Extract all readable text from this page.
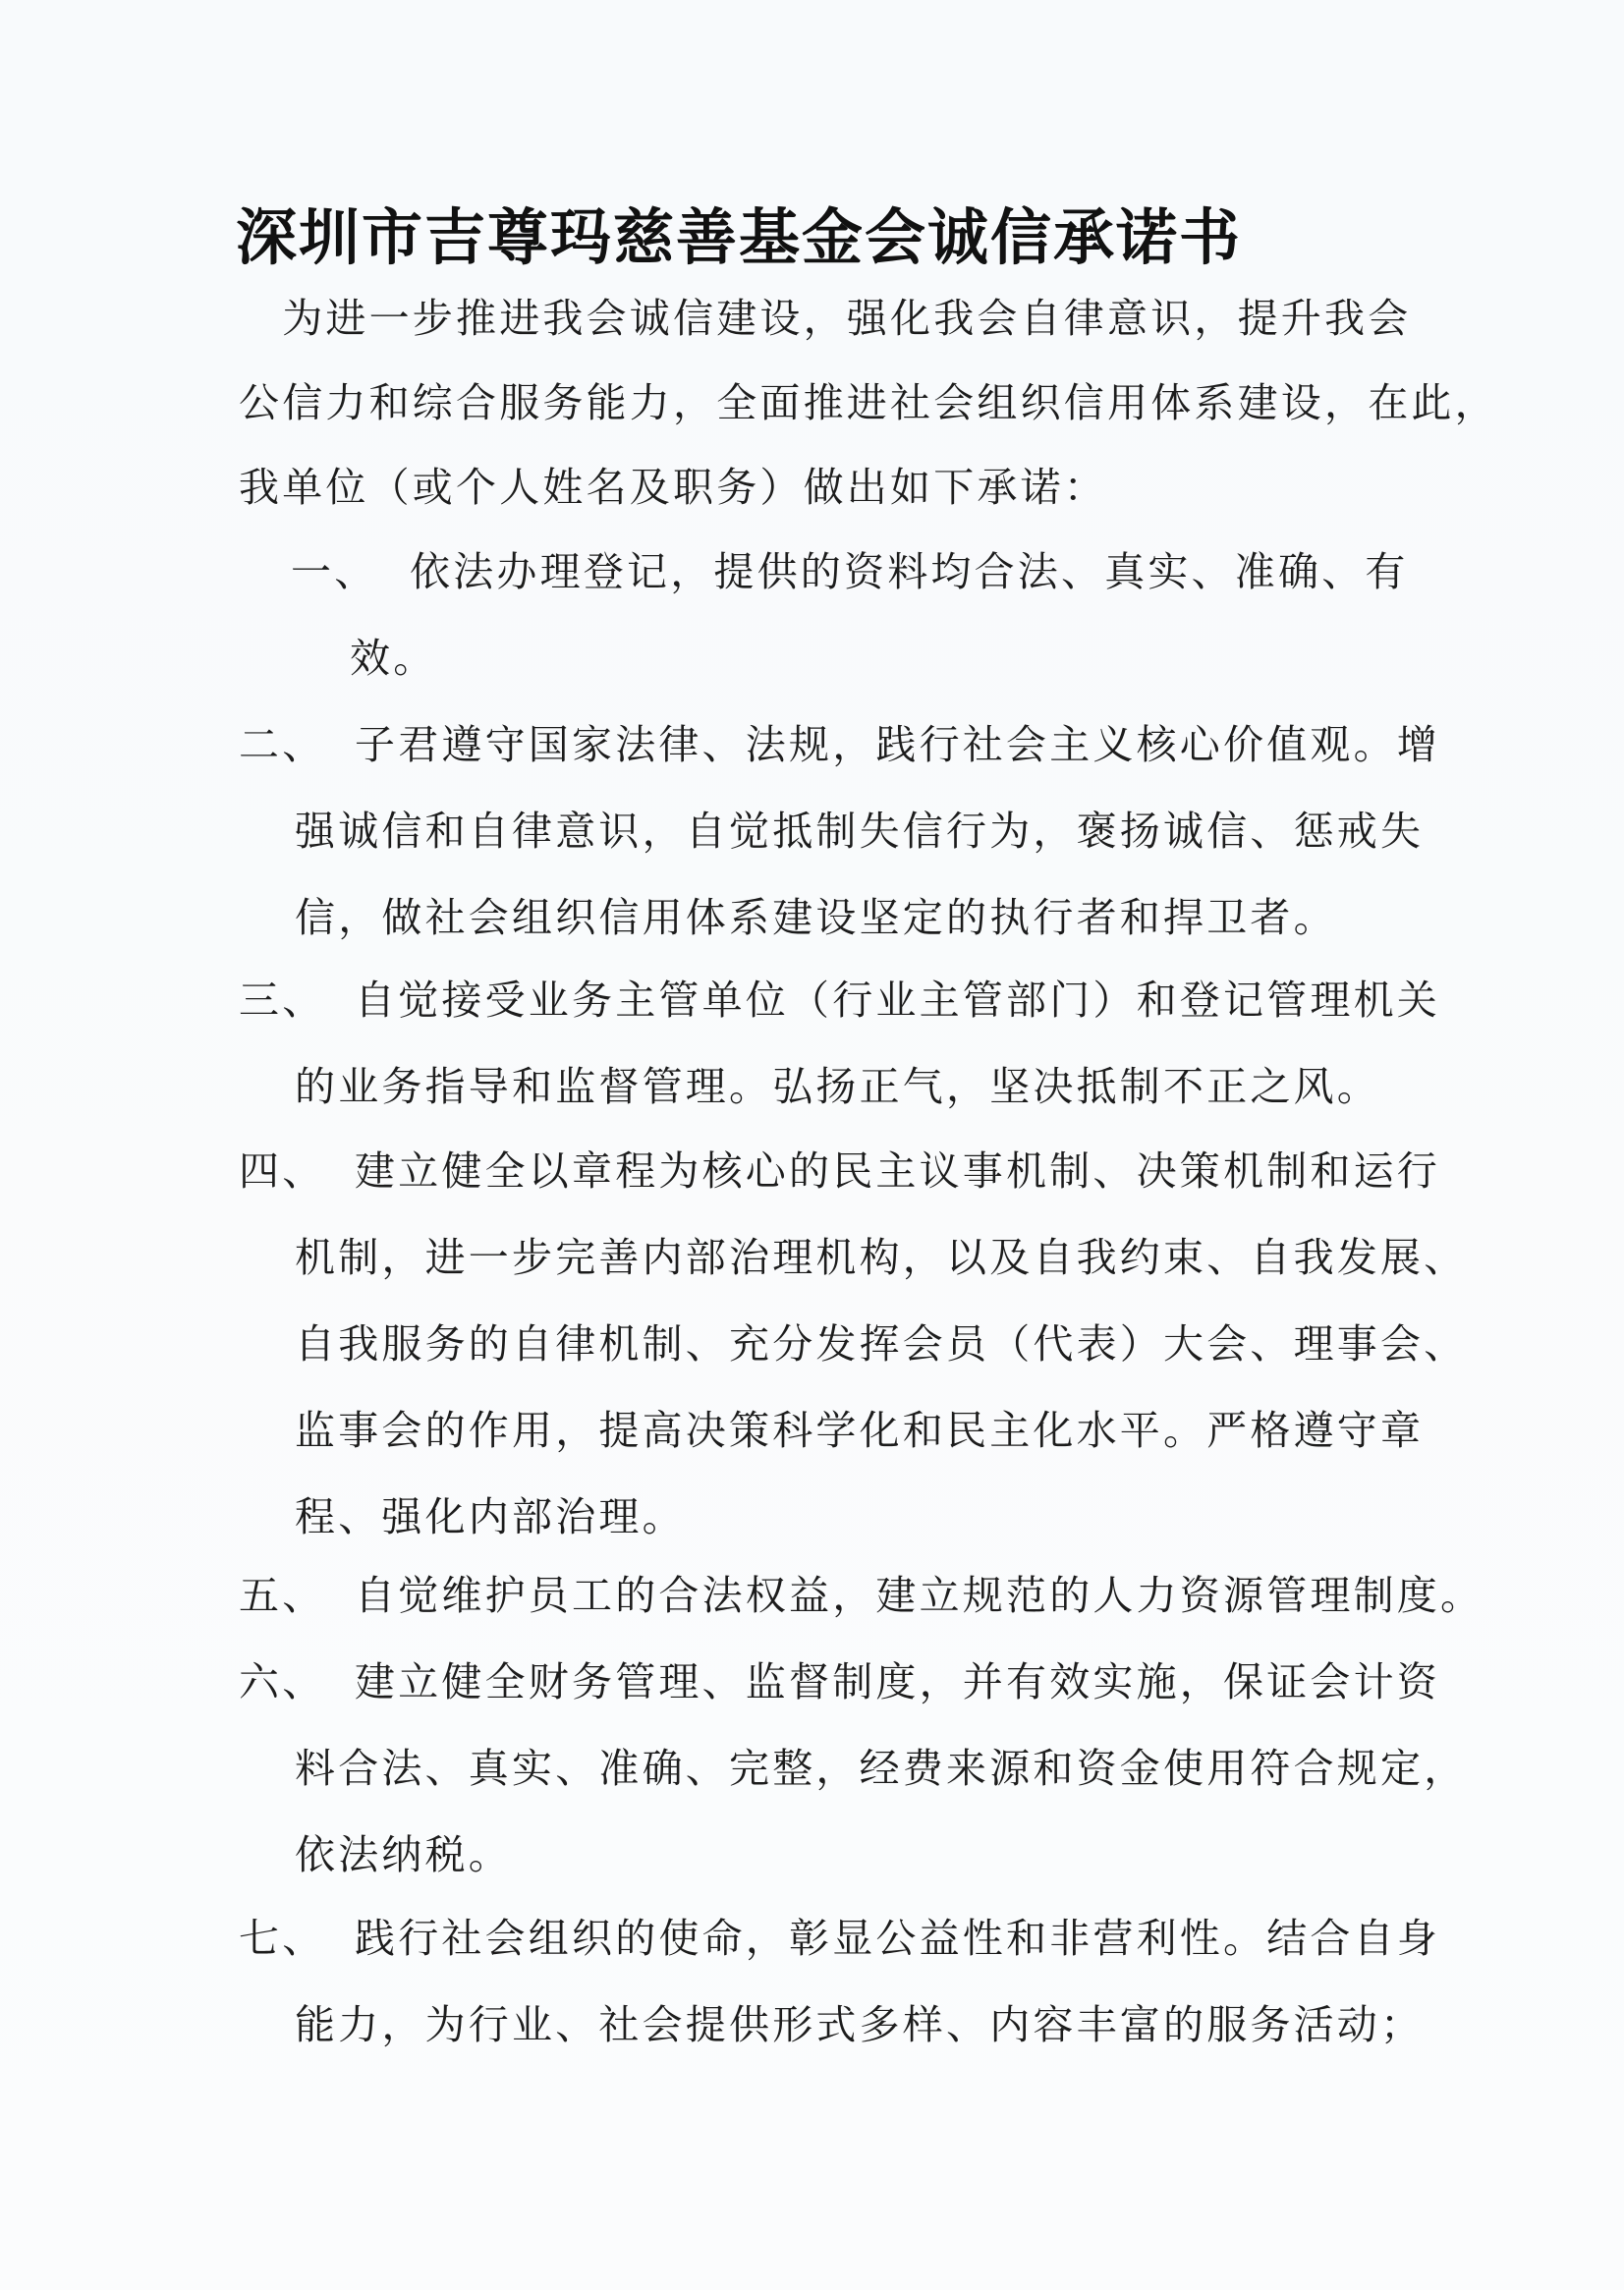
深圳市吉尊玛慈善基金会诚信承诺书
　为进一步推进我会诚信建设，强化我会自律意识，提升我会
公信力和综合服务能力，全面推进社会组织信用体系建设，在此，
我单位（或个人姓名及职务）做出如下承诺：
一、 依法办理登记，提供的资料均合法、真实、准确、有
效。
二、 子君遵守国家法律、法规，践行社会主义核心价值观。增
强诚信和自律意识，自觉抵制失信行为，褒扬诚信、惩戒失
信，做社会组织信用体系建设坚定的执行者和捍卫者。
三、 自觉接受业务主管单位（行业主管部门）和登记管理机关
的业务指导和监督管理。弘扬正气，坚决抵制不正之风。
四、 建立健全以章程为核心的民主议事机制、决策机制和运行
机制，进一步完善内部治理机构，以及自我约束、自我发展、
自我服务的自律机制、充分发挥会员（代表）大会、理事会、
监事会的作用，提高决策科学化和民主化水平。严格遵守章
程、强化内部治理。
五、 自觉维护员工的合法权益，建立规范的人力资源管理制度。
六、 建立健全财务管理、监督制度，并有效实施，保证会计资
料合法、真实、准确、完整，经费来源和资金使用符合规定，
依法纳税。
七、 践行社会组织的使命，彰显公益性和非营利性。结合自身
能力，为行业、社会提供形式多样、内容丰富的服务活动；
